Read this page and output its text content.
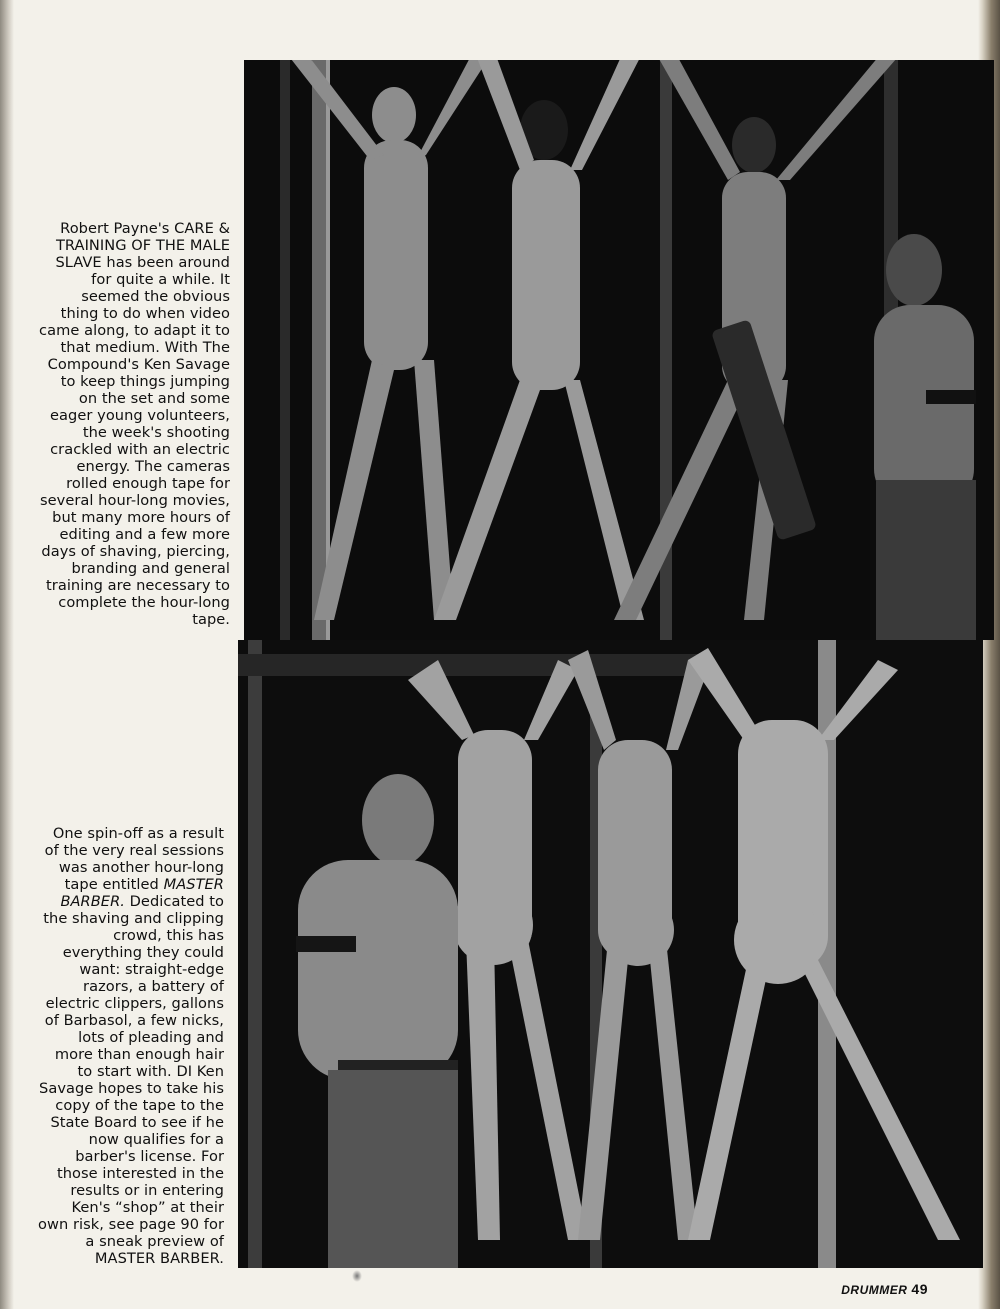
Robert Payne's CARE &
TRAINING OF THE MALE
SLAVE has been around
for quite a while. It
seemed the obvious
thing to do when video
came along, to adapt it to
that medium. With The
Compound's Ken Savage
to keep things jumping
on the set and some
eager young volunteers,
the week's shooting
crackled with an electric
energy. The cameras
rolled enough tape for
several hour-long movies,
but many more hours of
editing and a few more
days of shaving, piercing,
branding and general
training are necessary to
complete the hour-long
tape.
One spin-off as a result
of the very real sessions
was another hour-long
tape entitled MASTER
BARBER. Dedicated to
the shaving and clipping
crowd, this has
everything they could
want: straight-edge
razors, a battery of
electric clippers, gallons
of Barbasol, a few nicks,
lots of pleading and
more than enough hair
to start with. DI Ken
Savage hopes to take his
copy of the tape to the
State Board to see if he
now qualifies for a
barber's license. For
those interested in the
results or in entering
Ken's “shop” at their
own risk, see page 90 for
a sneak preview of
MASTER BARBER.
DRUMMER 49
